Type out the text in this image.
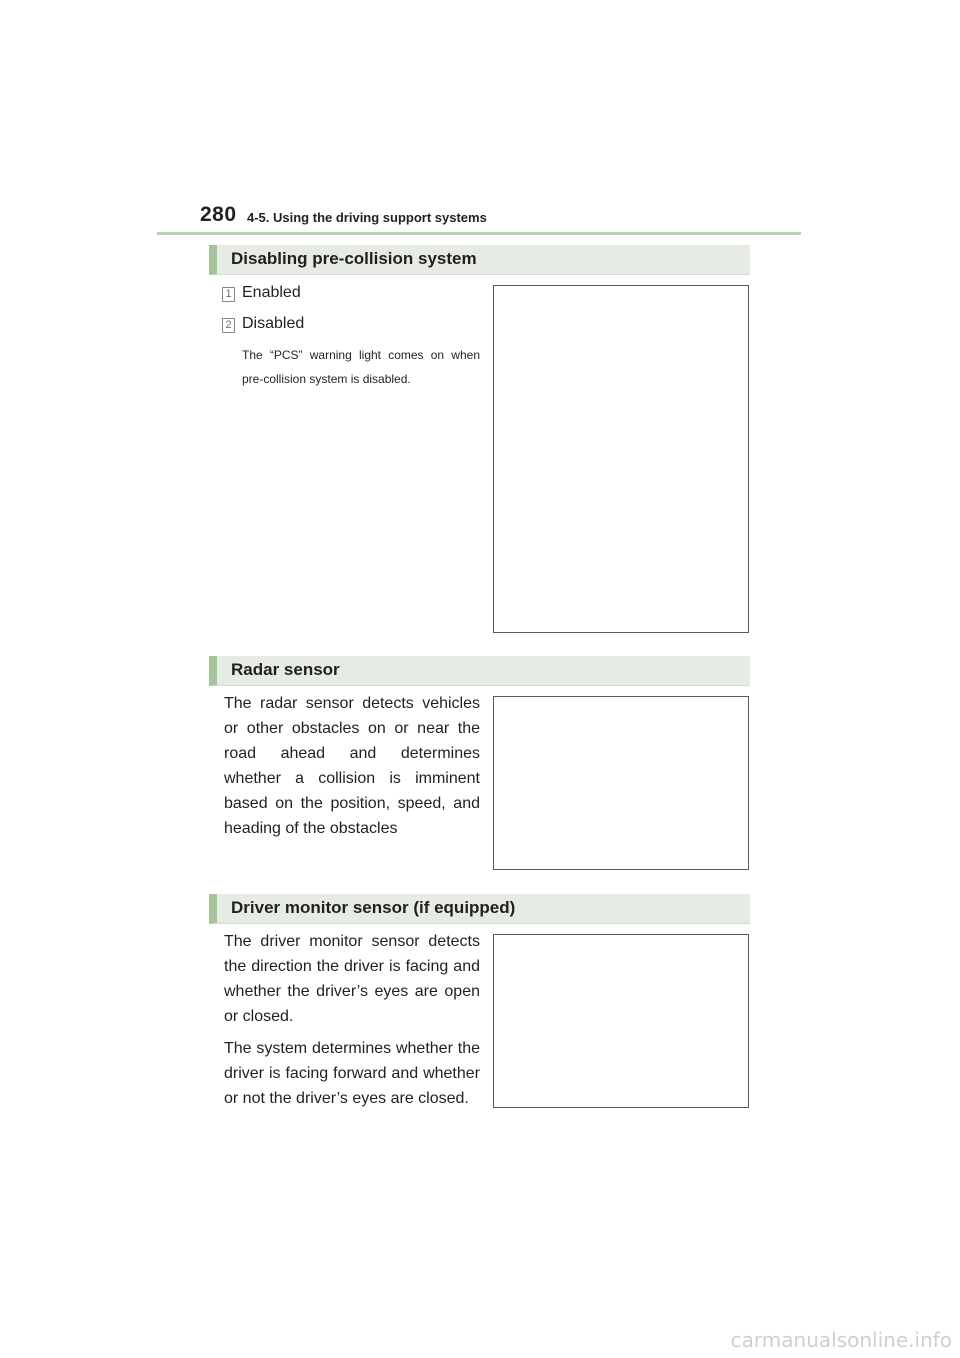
280 4-5. Using the driving support systems
Disabling pre-collision system
1 Enabled
2 Disabled
The “PCS” warning light comes on when pre-collision system is disabled.
Radar sensor
The radar sensor detects vehicles or other obstacles on or near the road ahead and determines whether a collision is imminent based on the position, speed, and heading of the obstacles
Driver monitor sensor (if equipped)

The driver monitor sensor detects the direction the driver is facing and whether the driver’s eyes are open or closed.

The system determines whether the driver is facing forward and whether or not the driver’s eyes are closed.

carmanualsonline.info
